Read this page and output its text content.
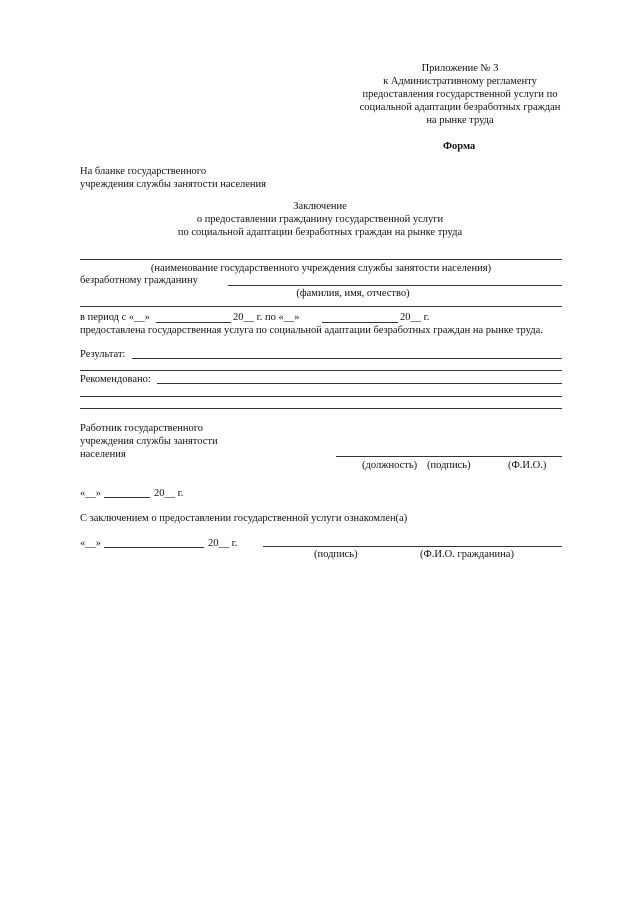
Приложение № 3
к Административному регламенту
предоставления государственной услуги по
социальной адаптации безработных граждан
на рынке труда
Форма
На бланке государственного
учреждения службы занятости населения
Заключение
о предоставлении гражданину государственной услуги
по социальной адаптации безработных граждан на рынке труда
(наименование государственного учреждения службы занятости населения)
безработному гражданину
(фамилия, имя, отчество)
в период с «__»	20__ г. по «__»	20__ г.
предоставлена государственная услуга по социальной адаптации безработных граждан на рынке труда.
Результат:
Рекомендовано:
Работник государственного
учреждения службы занятости
населения
(должность) (подпись)	(Ф.И.О.)
«__»	20__ г.
С заключением о предоставлении государственной услуги ознакомлен(а)
«__»	20__ г.
(подпись)	(Ф.И.О. гражданина)
